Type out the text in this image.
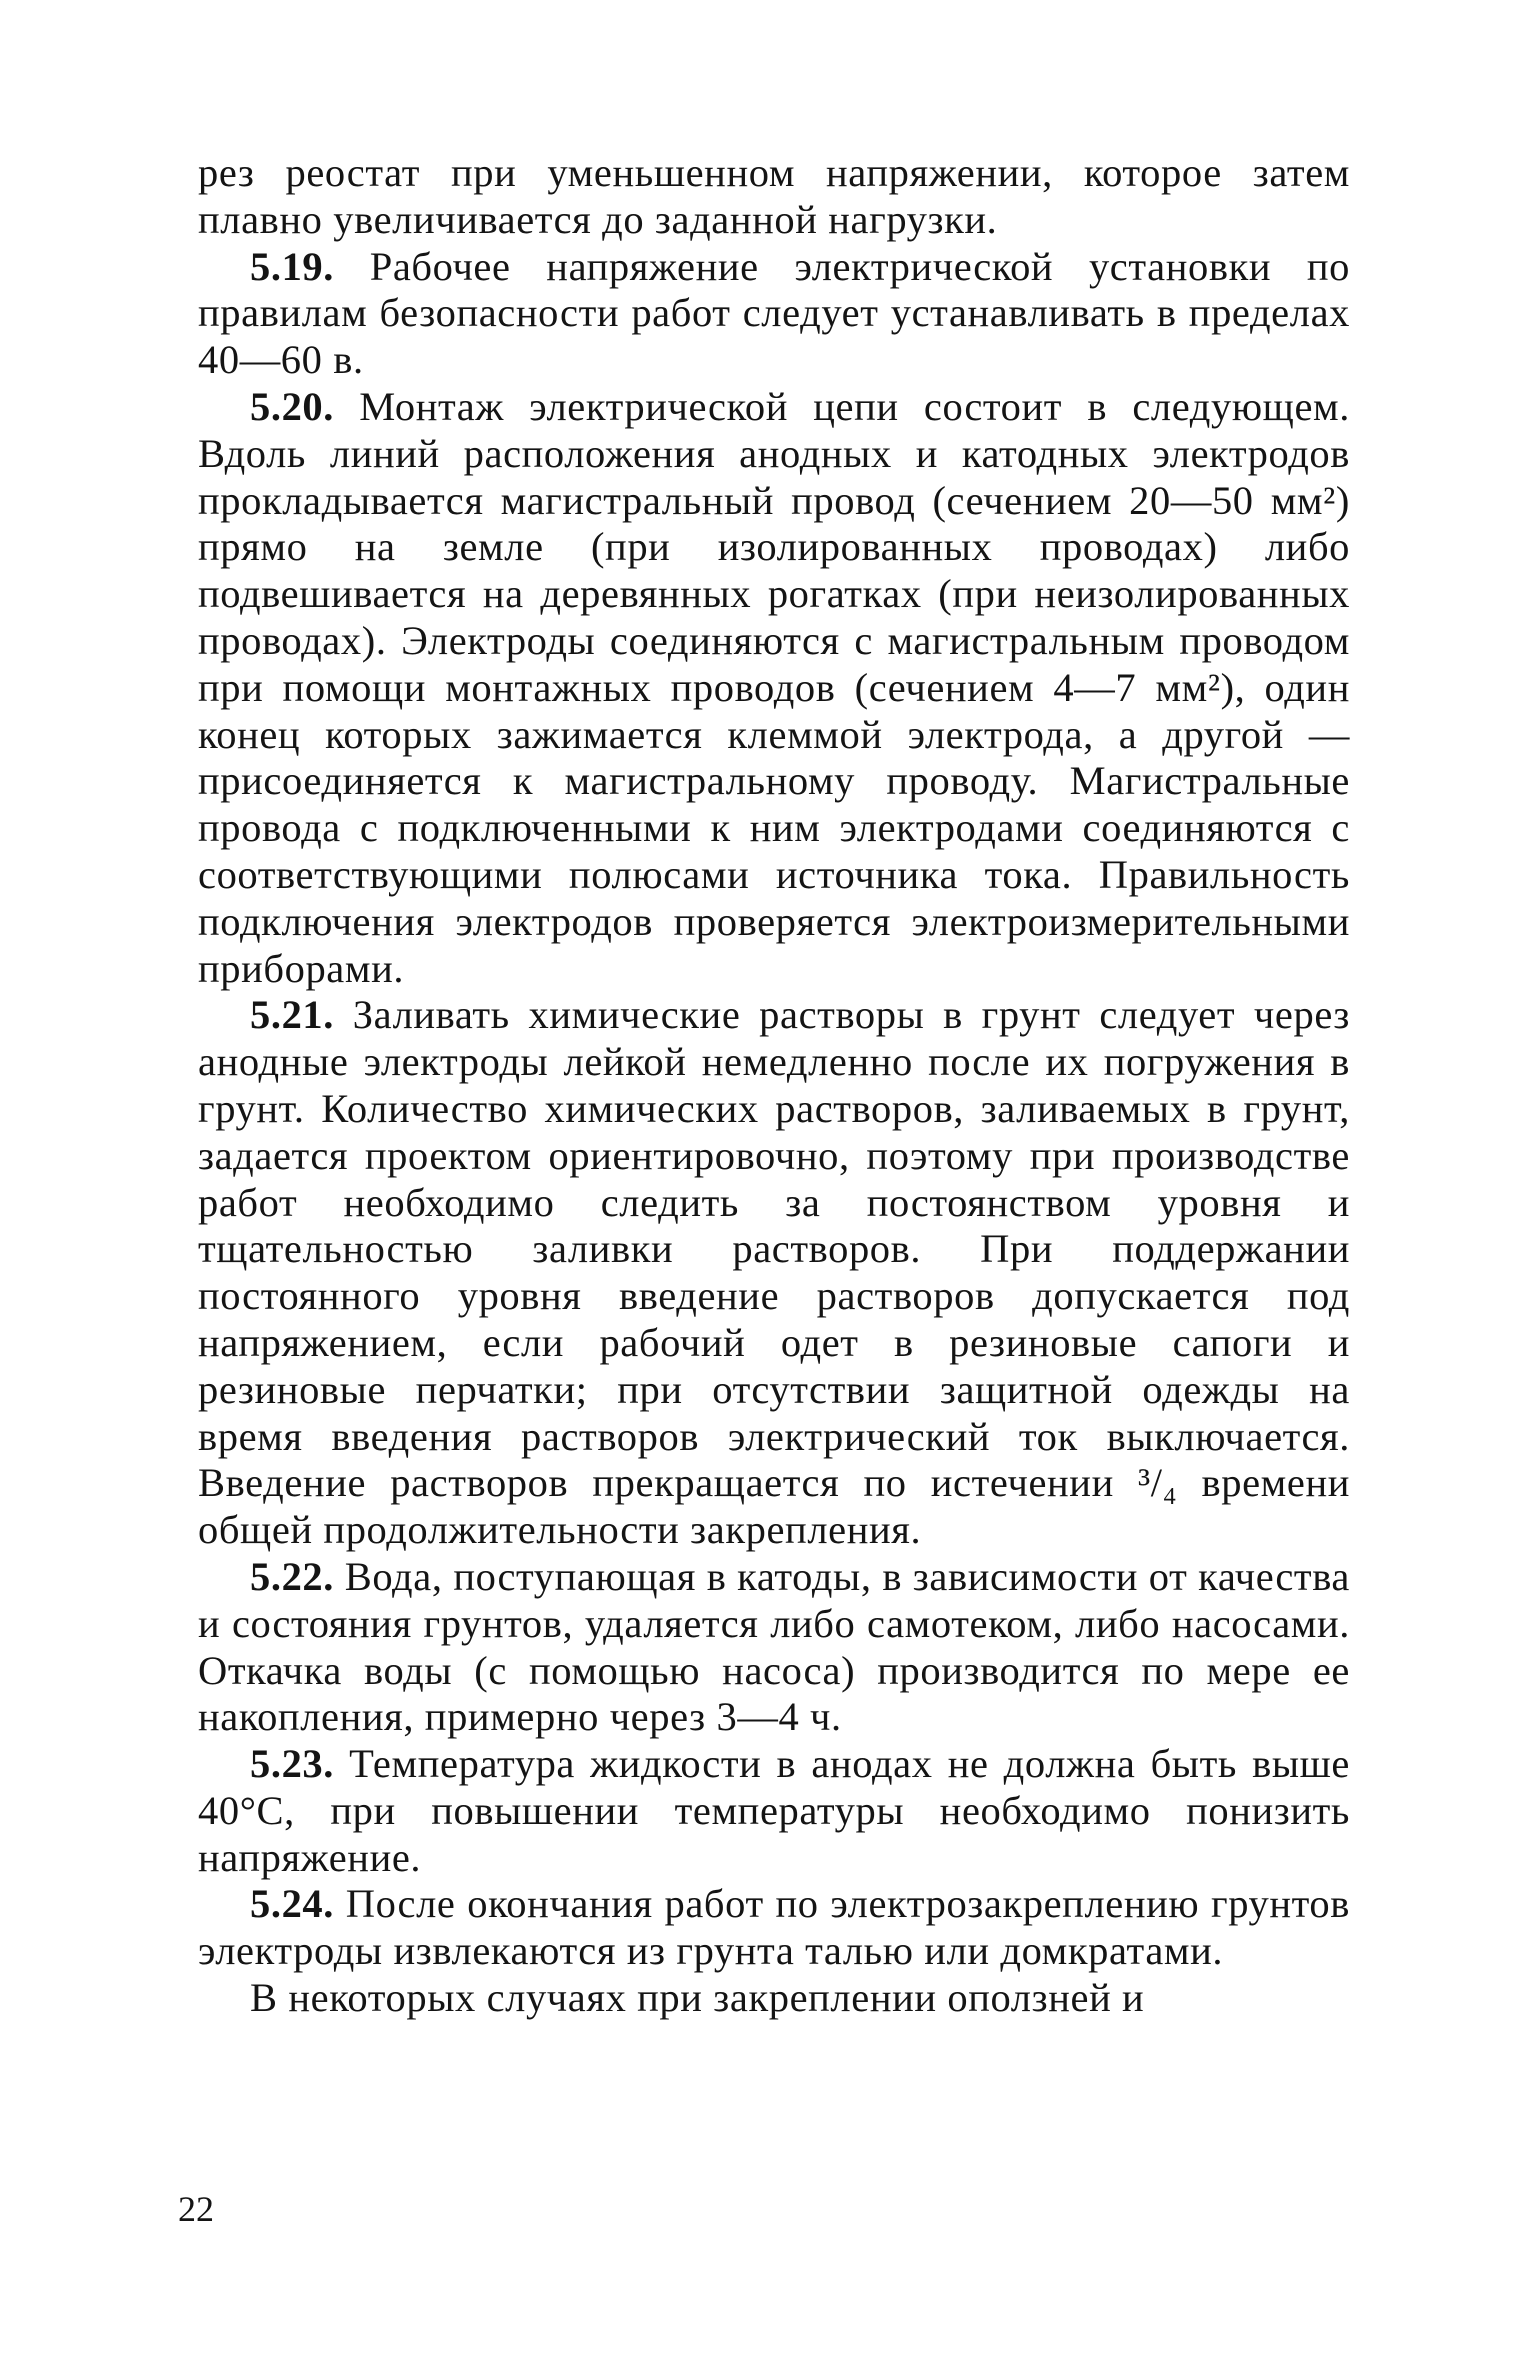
рез реостат при уменьшенном напряжении, которое затем плавно увеличивается до заданной нагрузки.

5.19. Рабочее напряжение электрической установки по правилам безопасности работ следует устанавливать в пределах 40—60 в.

5.20. Монтаж электрической цепи состоит в следующем. Вдоль линий расположения анодных и катодных электродов прокладывается магистральный провод (сечением 20—50 мм²) прямо на земле (при изолированных проводах) либо подвешивается на деревянных рогатках (при неизолированных проводах). Электроды соединяются с магистральным проводом при помощи монтажных проводов (сечением 4—7 мм²), один конец которых зажимается клеммой электрода, а другой — присоединяется к магистральному проводу. Магистральные провода с подключенными к ним электродами соединяются с соответствующими полюсами источника тока. Правильность подключения электродов проверяется электроизмерительными приборами.

5.21. Заливать химические растворы в грунт следует через анодные электроды лейкой немедленно после их погружения в грунт. Количество химических растворов, заливаемых в грунт, задается проектом ориентировочно, поэтому при производстве работ необходимо следить за постоянством уровня и тщательностью заливки растворов. При поддержании постоянного уровня введение растворов допускается под напряжением, если рабочий одет в резиновые сапоги и резиновые перчатки; при отсутствии защитной одежды на время введения растворов электрический ток выключается. Введение растворов прекращается по истечении ³/₄ времени общей продолжительности закрепления.

5.22. Вода, поступающая в катоды, в зависимости от качества и состояния грунтов, удаляется либо самотеком, либо насосами. Откачка воды (с помощью насоса) производится по мере ее накопления, примерно через 3—4 ч.

5.23. Температура жидкости в анодах не должна быть выше 40°С, при повышении температуры необходимо понизить напряжение.

5.24. После окончания работ по электрозакреплению грунтов электроды извлекаются из грунта талью или домкратами.

В некоторых случаях при закреплении оползней и

22
